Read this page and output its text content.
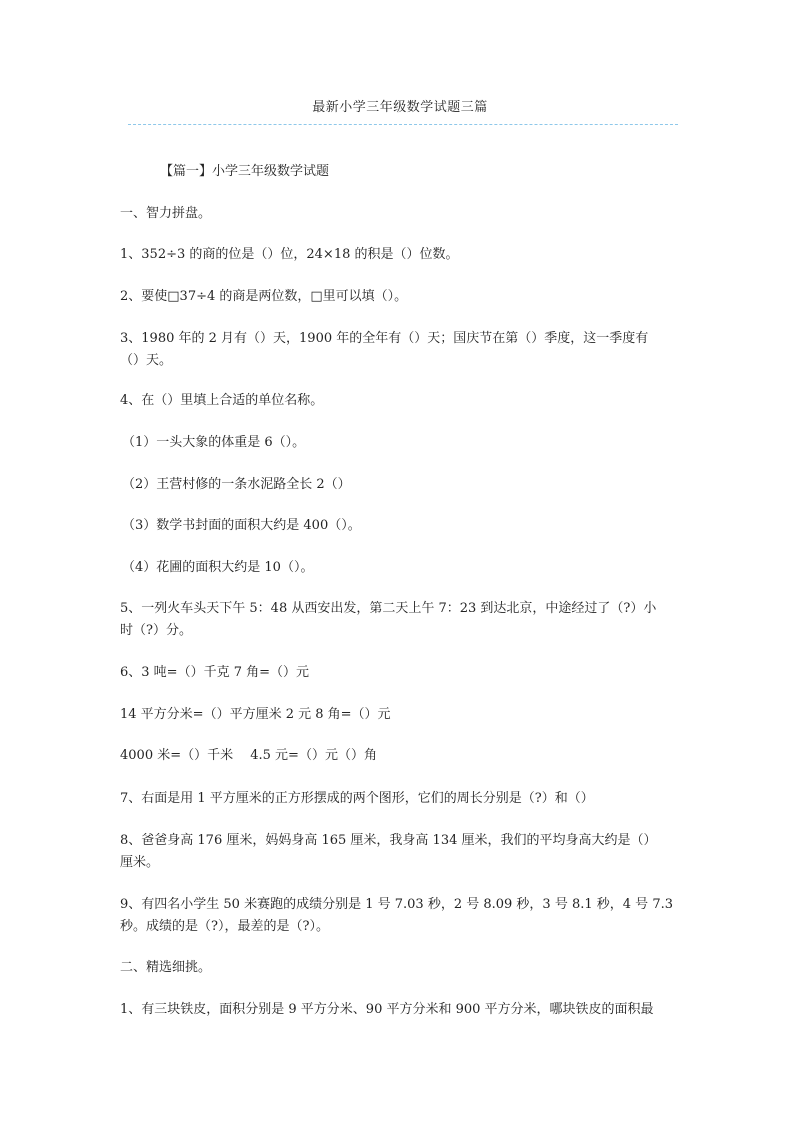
最新小学三年级数学试题三篇
【篇一】小学三年级数学试题
一、智力拼盘。
1、352÷3 的商的位是（）位，24×18 的积是（）位数。
2、要使□37÷4 的商是两位数，□里可以填（）。
3、1980 年的 2 月有（）天，1900 年的全年有（）天；国庆节在第（）季度，这一季度有
（）天。
4、在（）里填上合适的单位名称。
（1）一头大象的体重是 6（）。
（2）王营村修的一条水泥路全长 2（）
（3）数学书封面的面积大约是 400（）。
（4）花圃的面积大约是 10（）。
5、一列火车头天下午 5：48 从西安出发，第二天上午 7：23 到达北京，中途经过了（?）小
时（?）分。
6、3 吨=（）千克 7 角=（）元
14 平方分米=（）平方厘米 2 元 8 角=（）元
4000 米=（）千米　 4.5 元=（）元（）角
7、右面是用 1 平方厘米的正方形摆成的两个图形，它们的周长分别是（?）和（）
8、爸爸身高 176 厘米，妈妈身高 165 厘米，我身高 134 厘米，我们的平均身高大约是（）
厘米。
9、有四名小学生 50 米赛跑的成绩分别是 1 号 7.03 秒，2 号 8.09 秒，3 号 8.1 秒，4 号 7.3
秒。成绩的是（?），最差的是（?）。
二、精选细挑。
1、有三块铁皮，面积分别是 9 平方分米、90 平方分米和 900 平方分米，哪块铁皮的面积最
